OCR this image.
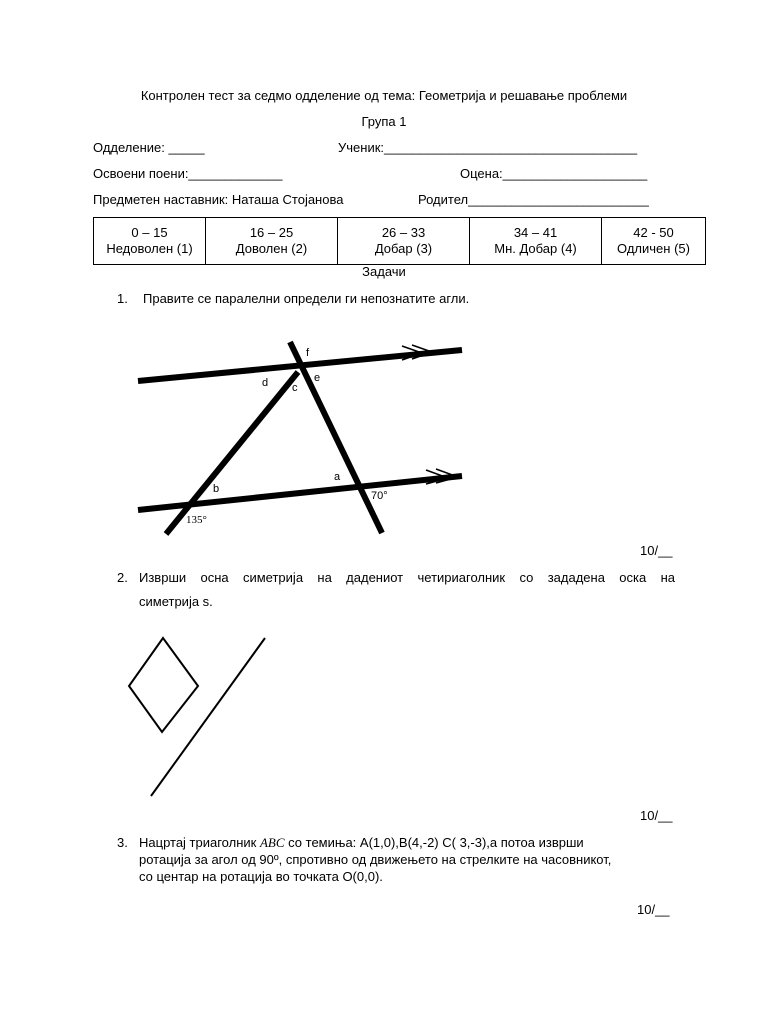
Контролен тест за седмо одделение од тема: Геометрија и решавање проблеми
Група 1
Одделение: _____	Ученик:___________________________________
Освоени поени:_____________	Оцена:____________________
Предметен наставник: Наташа Стојанова	Родител_________________________
0 – 15
Недоволен (1)

16 – 25
Доволен (2)

26 – 33
Добар (3)

34 – 41
Мн. Добар (4)

42 - 50
Одличен (5)
Задачи
1. Правите се паралелни определи ги непознатите агли.
f
d c
e
a
b
70°
135°
10/__
2. Изврши осна симетрија на дадениот четириаголник со зададена оска на
симетрија s.
10/__
3. Нацртај триаголник ABC со темиња: A(1,0),B(4,-2) C( 3,-3),а потоа изврши
ротација за агол од 90º, спротивно од движењето на стрелките на часовникот,
со центар на ротација во точката O(0,0).
10/__
